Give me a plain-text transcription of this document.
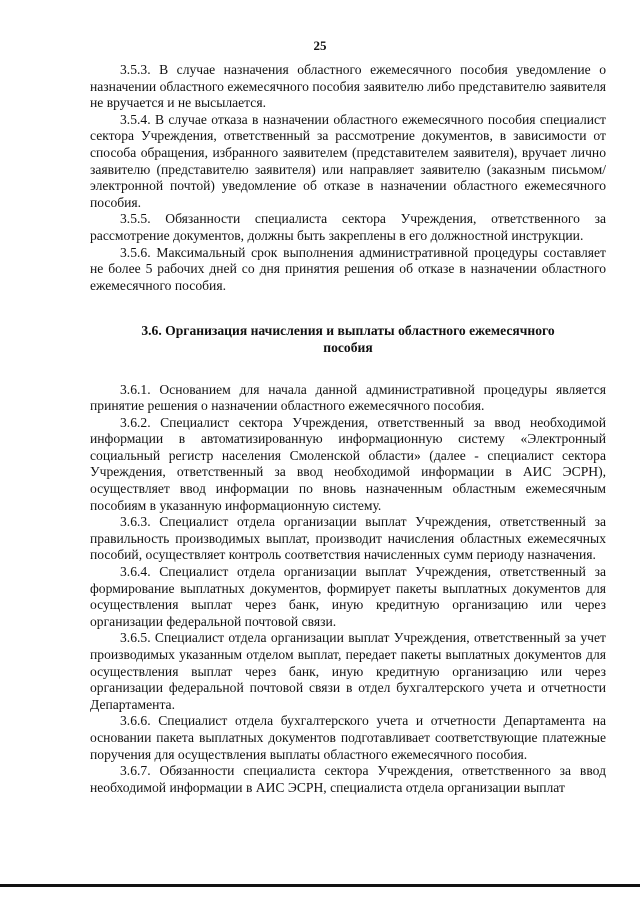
25

3.5.3. В случае назначения областного ежемесячного пособия уведомление о назначении областного ежемесячного пособия заявителю либо представителю заявителя не вручается и не высылается.

3.5.4. В случае отказа в назначении областного ежемесячного пособия специалист сектора Учреждения, ответственный за рассмотрение документов, в зависимости от способа обращения, избранного заявителем (представителем заявителя), вручает лично заявителю (представителю заявителя) или направляет заявителю (заказным письмом/электронной почтой) уведомление об отказе в назначении областного ежемесячного пособия.

3.5.5. Обязанности специалиста сектора Учреждения, ответственного за рассмотрение документов, должны быть закреплены в его должностной инструкции.

3.5.6. Максимальный срок выполнения административной процедуры составляет не более 5 рабочих дней со дня принятия решения об отказе в назначении областного ежемесячного пособия.

3.6. Организация начисления и выплаты областного ежемесячного пособия

3.6.1. Основанием для начала данной административной процедуры является принятие решения о назначении областного ежемесячного пособия.

3.6.2. Специалист сектора Учреждения, ответственный за ввод необходимой информации в автоматизированную информационную систему «Электронный социальный регистр населения Смоленской области» (далее - специалист сектора Учреждения, ответственный за ввод необходимой информации в АИС ЭСРН), осуществляет ввод информации по вновь назначенным областным ежемесячным пособиям в указанную информационную систему.

3.6.3. Специалист отдела организации выплат Учреждения, ответственный за правильность производимых выплат, производит начисления областных ежемесячных пособий, осуществляет контроль соответствия начисленных сумм периоду назначения.

3.6.4. Специалист отдела организации выплат Учреждения, ответственный за формирование выплатных документов, формирует пакеты выплатных документов для осуществления выплат через банк, иную кредитную организацию или через организации федеральной почтовой связи.

3.6.5. Специалист отдела организации выплат Учреждения, ответственный за учет производимых указанным отделом выплат, передает пакеты выплатных документов для осуществления выплат через банк, иную кредитную организацию или через организации федеральной почтовой связи в отдел бухгалтерского учета и отчетности Департамента.

3.6.6. Специалист отдела бухгалтерского учета и отчетности Департамента на основании пакета выплатных документов подготавливает соответствующие платежные поручения для осуществления выплаты областного ежемесячного пособия.

3.6.7. Обязанности специалиста сектора Учреждения, ответственного за ввод необходимой информации в АИС ЭСРН, специалиста отдела организации выплат
